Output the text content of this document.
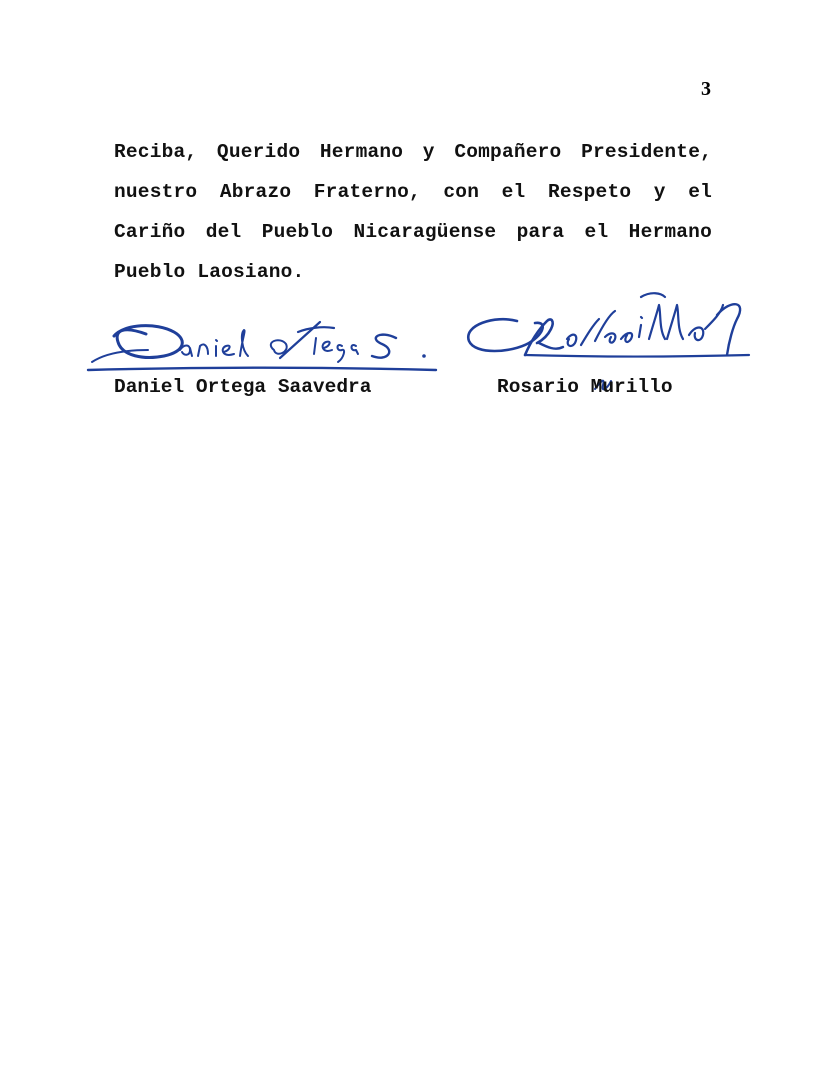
3

Reciba, Querido Hermano y Compañero Presidente, nuestro Abrazo Fraterno, con el Respeto y el Cariño del Pueblo Nicaragüense para el Hermano Pueblo Laosiano.

Daniel Ortega Saavedra	Rosario Murillo
